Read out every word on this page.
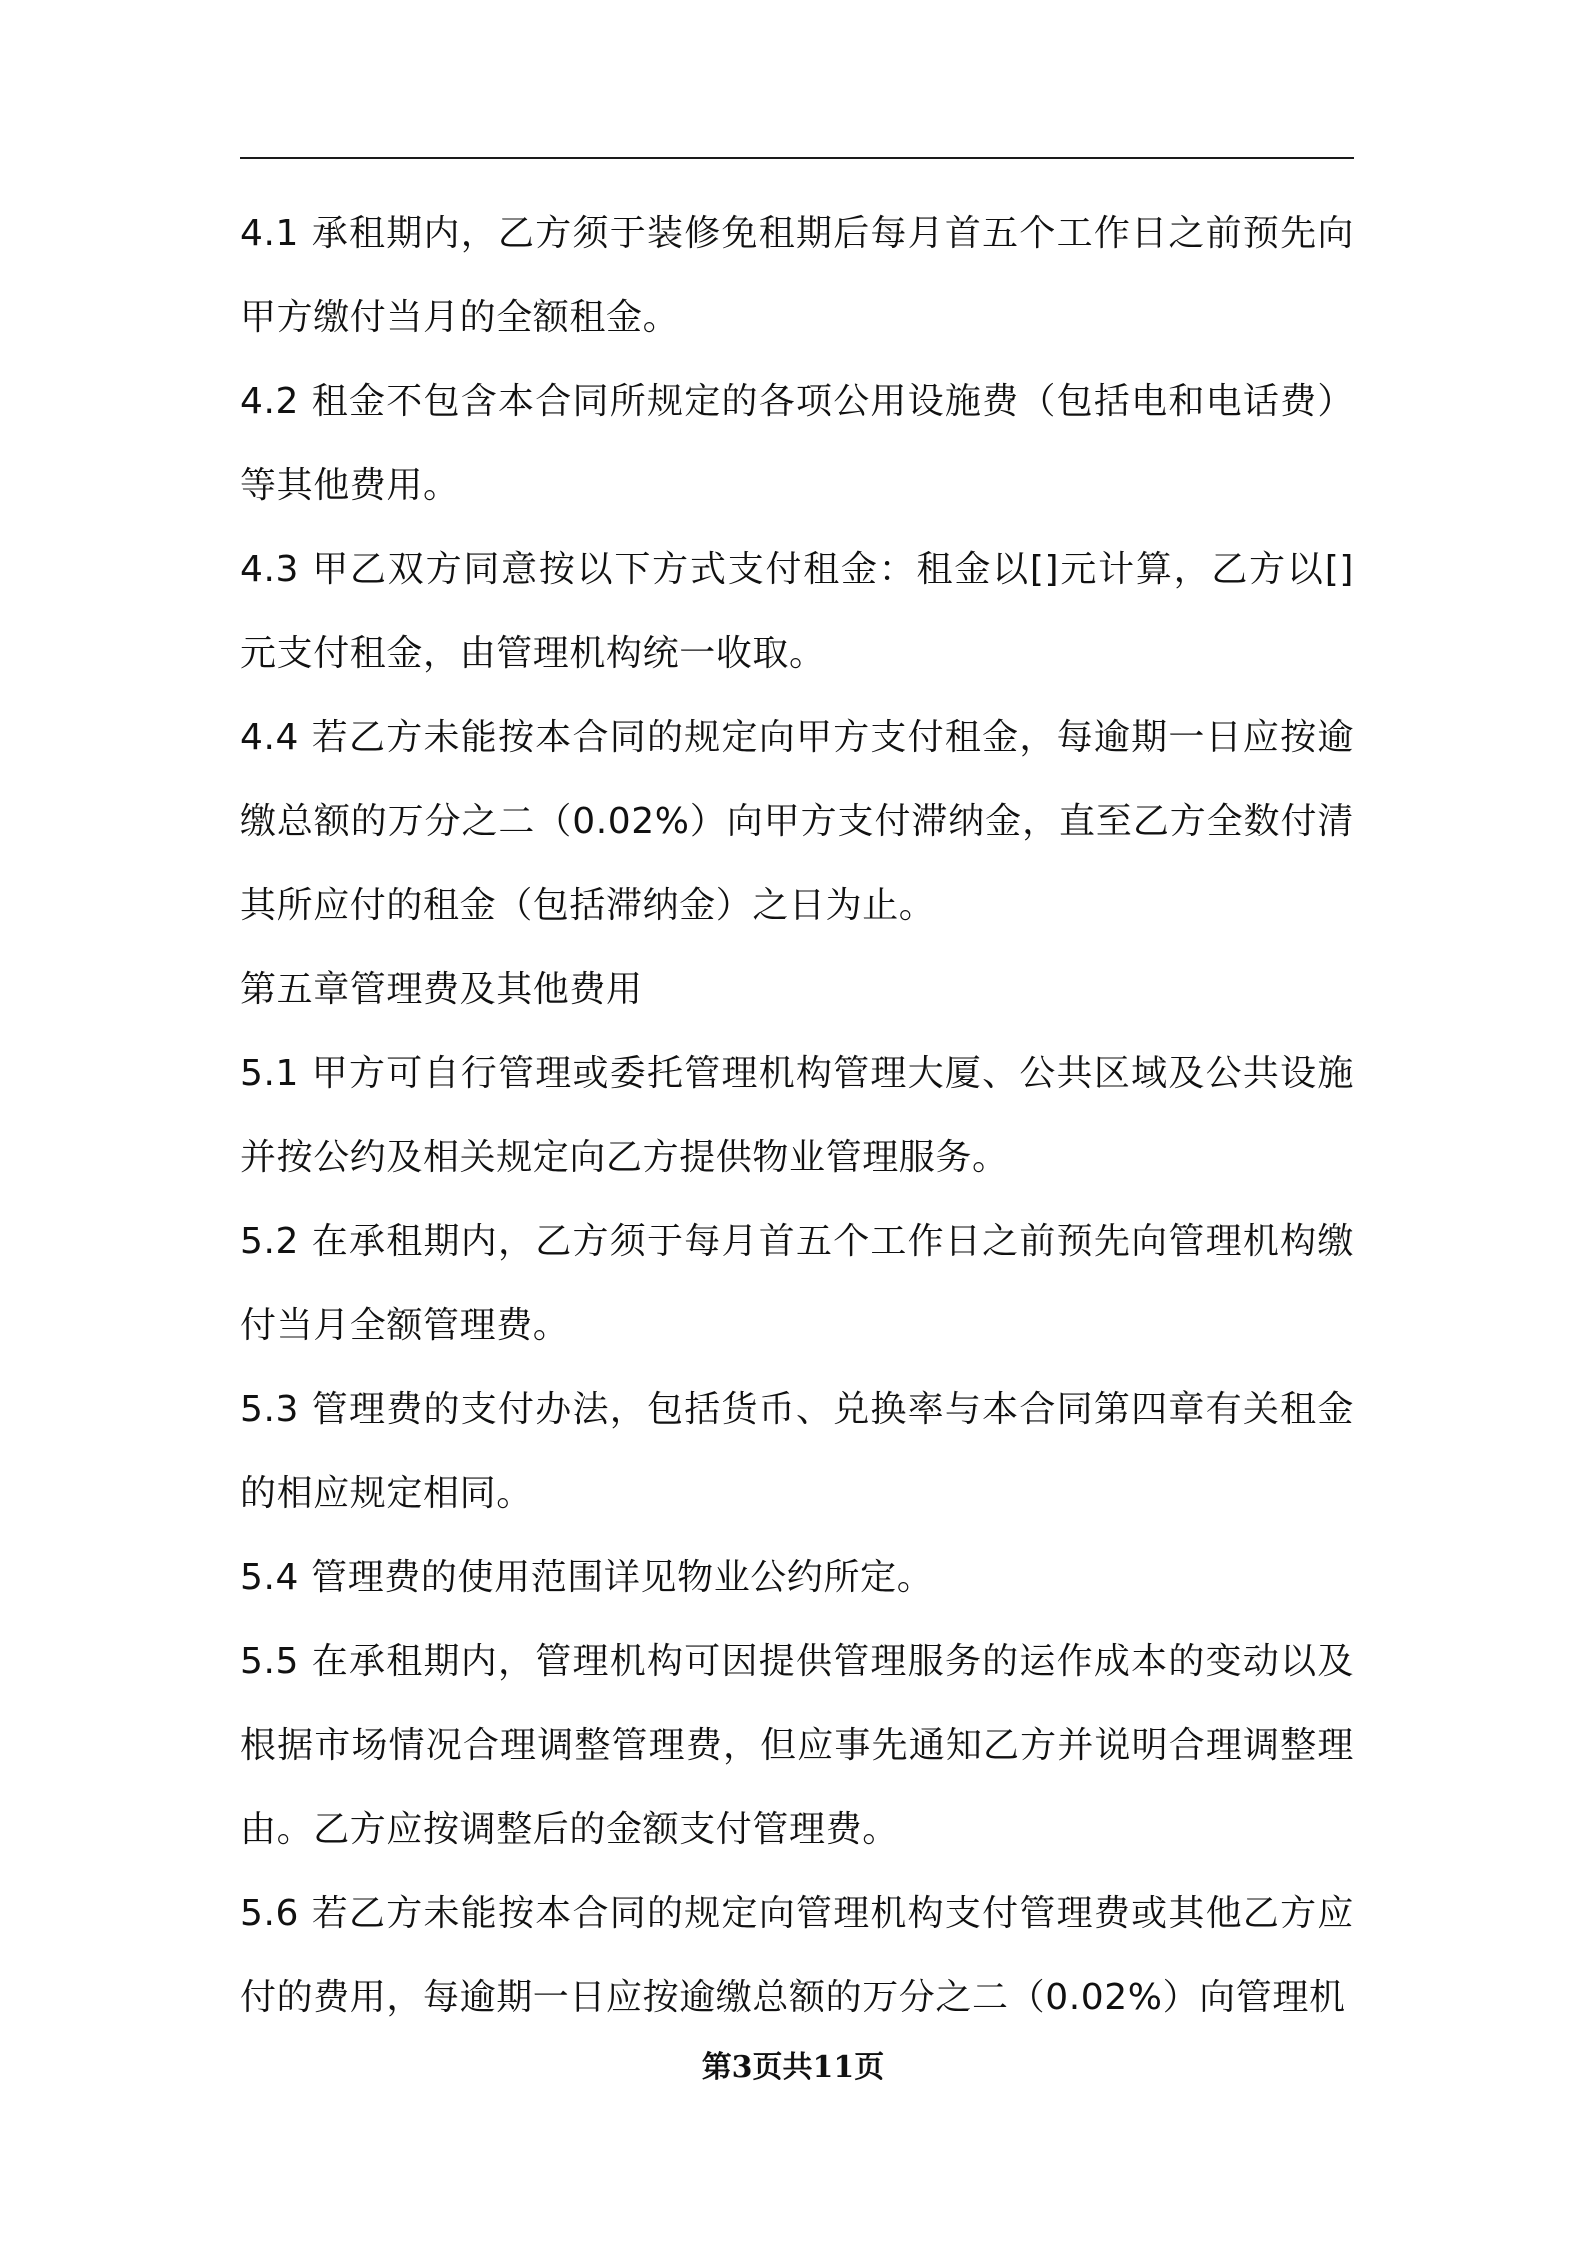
4.1 承租期内，乙方须于装修免租期后每月首五个工作日之前预先向甲方缴付当月的全额租金。

4.2 租金不包含本合同所规定的各项公用设施费（包括电和电话费）等其他费用。

4.3 甲乙双方同意按以下方式支付租金：租金以[]元计算，乙方以[]元支付租金，由管理机构统一收取。

4.4 若乙方未能按本合同的规定向甲方支付租金，每逾期一日应按逾缴总额的万分之二（0.02%）向甲方支付滞纳金，直至乙方全数付清其所应付的租金（包括滞纳金）之日为止。

第五章管理费及其他费用

5.1 甲方可自行管理或委托管理机构管理大厦、公共区域及公共设施并按公约及相关规定向乙方提供物业管理服务。

5.2 在承租期内，乙方须于每月首五个工作日之前预先向管理机构缴付当月全额管理费。

5.3 管理费的支付办法，包括货币、兑换率与本合同第四章有关租金的相应规定相同。

5.4 管理费的使用范围详见物业公约所定。

5.5 在承租期内，管理机构可因提供管理服务的运作成本的变动以及根据市场情况合理调整管理费，但应事先通知乙方并说明合理调整理由。乙方应按调整后的金额支付管理费。

5.6 若乙方未能按本合同的规定向管理机构支付管理费或其他乙方应付的费用，每逾期一日应按逾缴总额的万分之二（0.02%）向管理机

第3页共11页
